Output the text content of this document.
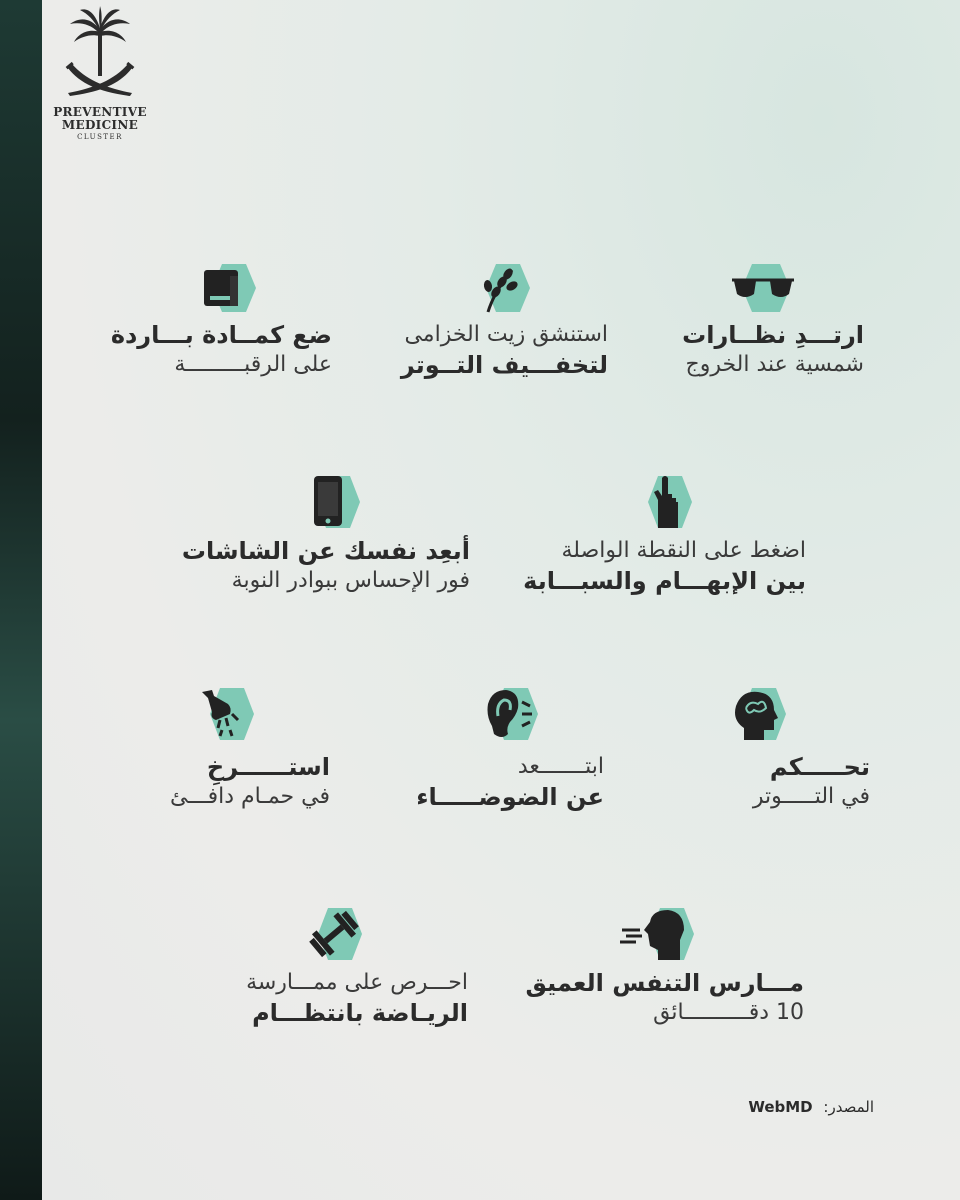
PREVENTIVE
MEDICINE
CLUSTER
ارتـــدِ نظــارات
شمسية عند الخروج
استنشق زيت الخزامى
لتخفـــيف التــوتر
ضع كمــادة بـــاردة
على الرقبـــــــــة
اضغط على النقطة الواصلة
بين الإبهـــام والسبـــابة
أبعِد نفسك عن الشاشات
فور الإحساس ببوادر النوبة
تحـــــكم
في التـــــوتر
ابتـــــــعد
عن الضوضـــــاء
استــــــرخِ
في حمـام دافـــئ
مـــارس التنفس العميق
10 دقــــــــــائق
احـــرص على ممـــارسة
الريـاضة بانتظـــام
المصدر: WebMD
